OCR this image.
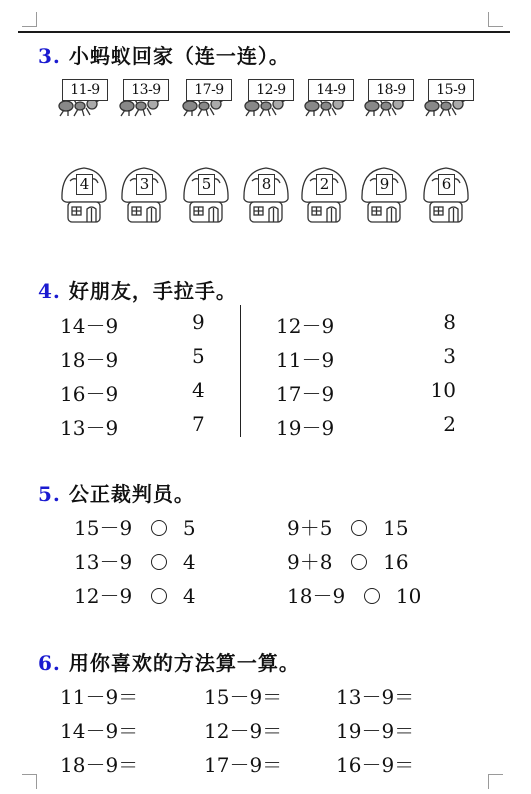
3. 小蚂蚁回家（连一连）。
11-9	13-9	17-9	12-9	14-9	18-9	15-9
4	3	5	8	2	9	6
4. 好朋友，手拉手。
14－9	9
18－9	5
16－9	4
13－9	7
12－9	8
11－9	3
17－9	10
19－9	2
5. 公正裁判员。
15－9	5
13－9	4
12－9	4
9＋5	15
9＋8	16
18－9	10
6. 用你喜欢的方法算一算。
11－9＝	15－9＝	13－9＝
14－9＝	12－9＝	19－9＝
18－9＝	17－9＝	16－9＝
